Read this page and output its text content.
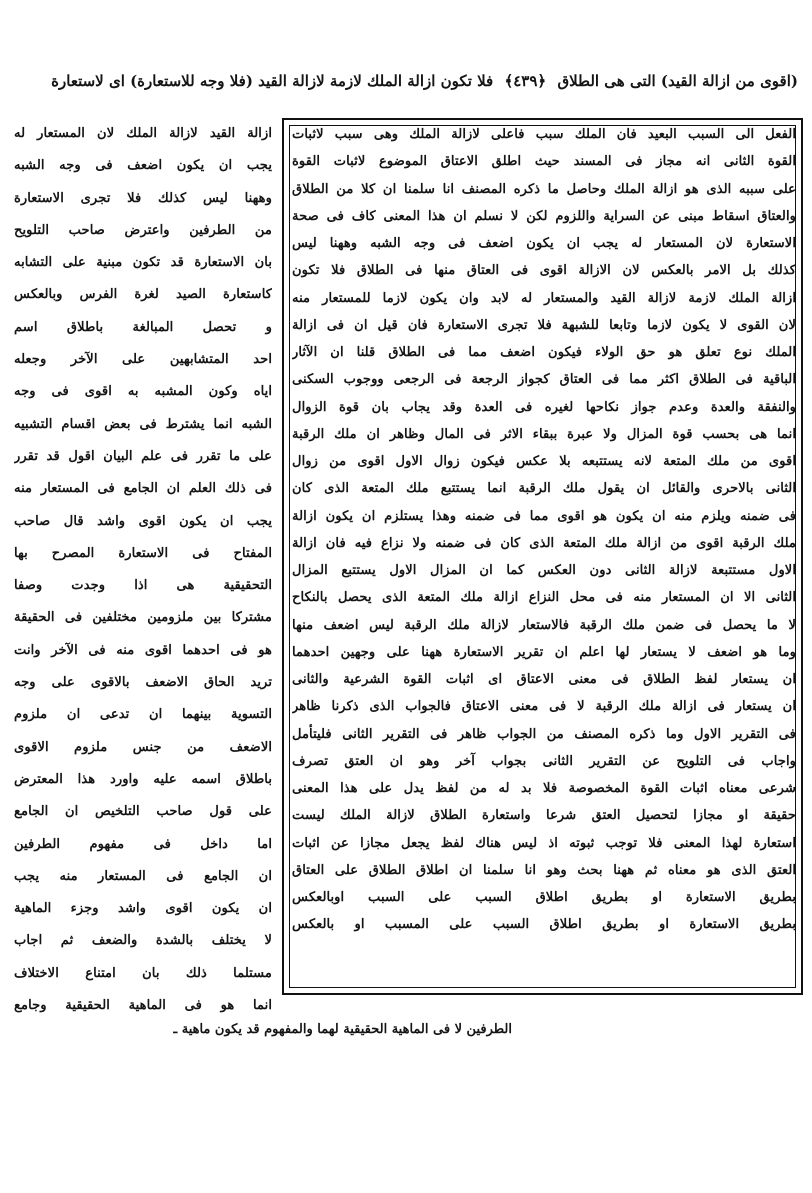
(اقوى من ازالة القيد) التى هى الطلاق ﴿٤٣٩﴾ فلا تكون ازالة الملك لازمة لازالة القيد (فلا وجه للاستعارة) اى لاستعارة
الفعل الى السبب البعيد فان الملك سبب فاعلى لازالة الملك وهى سبب لاثبات
القوة الثانى انه مجاز فى المسند حيث اطلق الاعتاق الموضوع لاثبات القوة
على سببه الذى هو ازالة الملك وحاصل ما ذكره المصنف انا سلمنا ان كلا من الطلاق
والعتاق اسقاط مبنى عن السراية واللزوم لكن لا نسلم ان هذا المعنى كاف فى صحة
الاستعارة لان المستعار له يجب ان يكون اضعف فى وجه الشبه وههنا ليس
كذلك بل الامر بالعكس لان الازالة اقوى فى العتاق منها فى الطلاق فلا تكون
ازالة الملك لازمة لازالة القيد والمستعار له لابد وان يكون لازما للمستعار منه
لان القوى لا يكون لازما وتابعا للشبهة فلا تجرى الاستعارة فان قيل ان فى ازالة
الملك نوع تعلق هو حق الولاء فيكون اضعف مما فى الطلاق قلنا ان الآثار
الباقية فى الطلاق اكثر مما فى العتاق كجواز الرجعة فى الرجعى ووجوب السكنى
والنفقة والعدة وعدم جواز نكاحها لغيره فى العدة وقد يجاب بان قوة الزوال
انما هى بحسب قوة المزال ولا عبرة ببقاء الاثر فى المال وظاهر ان ملك الرقبة
اقوى من ملك المتعة لانه يستتبعه بلا عكس فيكون زوال الاول اقوى من زوال
الثانى بالاحرى والقائل ان يقول ملك الرقبة انما يستتبع ملك المتعة الذى كان
فى ضمنه ويلزم منه ان يكون هو اقوى مما فى ضمنه وهذا يستلزم ان يكون ازالة
ملك الرقبة اقوى من ازالة ملك المتعة الذى كان فى ضمنه ولا نزاع فيه فان ازالة
الاول مستتبعة لازالة الثانى دون العكس كما ان المزال الاول يستتبع المزال
الثانى الا ان المستعار منه فى محل النزاع ازالة ملك المتعة الذى يحصل بالنكاح
لا ما يحصل فى ضمن ملك الرقبة فالاستعار لازالة ملك الرقبة ليس اضعف منها
وما هو اضعف لا يستعار لها اعلم ان تقرير الاستعارة ههنا على وجهين احدهما
ان يستعار لفظ الطلاق فى معنى الاعتاق اى اثبات القوة الشرعية والثانى
ان يستعار فى ازالة ملك الرقبة لا فى معنى الاعتاق فالجواب الذى ذكرنا ظاهر
فى التقرير الاول وما ذكره المصنف من الجواب ظاهر فى التقرير الثانى فليتأمل
واجاب فى التلويح عن التقرير الثانى بجواب آخر وهو ان العتق تصرف
شرعى معناه اثبات القوة المخصوصة فلا بد له من لفظ يدل على هذا المعنى
حقيقة او مجازا لتحصيل العتق شرعا واستعارة الطلاق لازالة الملك ليست
استعارة لهذا المعنى فلا توجب ثبوته اذ ليس هناك لفظ يجعل مجازا عن اثبات
العتق الذى هو معناه ثم ههنا بحث وهو انا سلمنا ان اطلاق الطلاق على العتاق
بطريق الاستعارة او بطريق اطلاق السبب على السبب اوبالعكس
بطريق الاستعارة او بطريق اطلاق السبب على المسبب او بالعكس
ازالة القيد لازالة الملك لان المستعار له
يجب ان يكون اضعف فى وجه الشبه
وههنا ليس كذلك فلا تجرى الاستعارة
من الطرفين واعترض صاحب التلويح
بان الاستعارة قد تكون مبنية على التشابه
كاستعارة الصيد لغرة الفرس وبالعكس
و تحصل المبالغة باطلاق اسم
احد المتشابهين على الآخر وجعله
اياه وكون المشبه به اقوى فى وجه
الشبه انما يشترط فى بعض اقسام التشبيه
على ما تقرر فى علم البيان اقول قد تقرر
فى ذلك العلم ان الجامع فى المستعار منه
يجب ان يكون اقوى واشد قال صاحب
المفتاح فى الاستعارة المصرح بها
التحقيقية هى اذا وجدت وصفا
مشتركا بين ملزومين مختلفين فى الحقيقة
هو فى احدهما اقوى منه فى الآخر وانت
تريد الحاق الاضعف بالاقوى على وجه
التسوية بينهما ان تدعى ان ملزوم
الاضعف من جنس ملزوم الاقوى
باطلاق اسمه عليه واورد هذا المعترض
على قول صاحب التلخيص ان الجامع
اما داخل فى مفهوم الطرفين
ان الجامع فى المستعار منه يجب
ان يكون اقوى واشد وجزء الماهية
لا يختلف بالشدة والضعف ثم اجاب
مستلما ذلك بان امتناع الاختلاف
انما هو فى الماهية الحقيقية وجامع
الطرفين لا فى الماهية الحقيقية لهما والمفهوم قد يكون ماهية ـ
